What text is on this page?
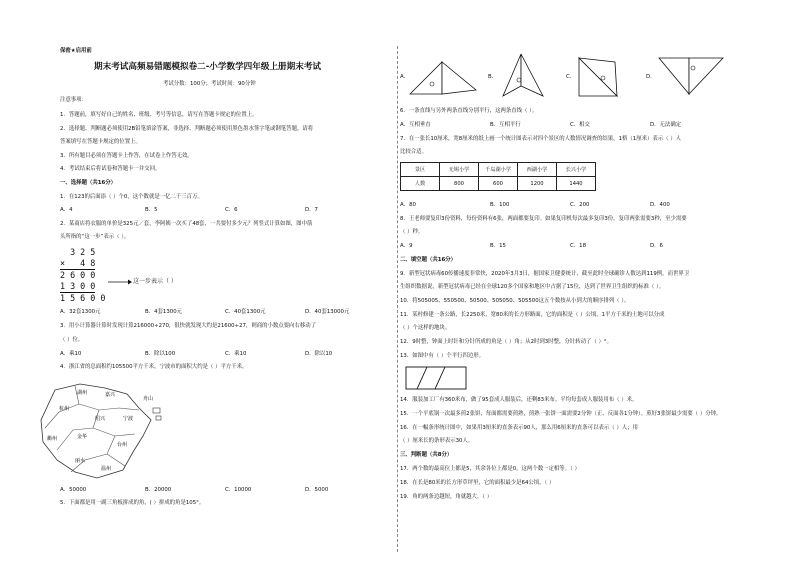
保密★启用前
期末考试高频易错题模拟卷二-小学数学四年级上册期末考试
考试分数：100分；考试时间：90分钟
注意事项：
1．答题前，填写好自己的姓名、班级、考号等信息，请写在答题卡规定的位置上。
2．选择题、判断题必须使用2B铅笔填涂答案，非选择、判断题必须使用黑色墨水签字笔或钢笔答题，请将
答案填写在答题卡规定的位置上。
3．所有题目必须在答题卡上作答，在试卷上作答无效。
4．考试结束后将试卷和答题卡一并交回。
一、选择题（共16分）
1．在123的后面添（ ）个0，这个数就是一亿二千三百万。
A．4	B．5	C．6	D．7
2．某商店将衣服的单价是325元／套，李阿姨一次买了48套，一共要付多少元？列竖式计算如图，图中箭
头所指的“这一步”表示（ ）。
3 2 5
×   4 8
2 6 0 0
1 3 0 0
1 5 6 0 0
这一步表示（ ）
A．32套1300元	B．4套1300元	C．40套1300元	D．40套13000元
3．用小计算器计算时发现计算216000÷270，很快就发现大约是21600÷27，则商的小数点要向右移动了
（ ）位。
A．乘10	B．除以100	C．乘10	D．除以10
4．浙江省的总面积约105500平方千米，宁波市的面积大约是（ ）平方千米。
湖州	嘉兴
杭州
绍兴	宁波
舟山
衢州	金华
台州
丽水
温州
A．50000	B．20000	C．10000	D．5000
5．下面都是用一副三角板拼成的角，( ）拼成的角是105°。
A．	B．	C．	D．
6．一条直线与另外两条直线分别平行，这两条直线（ ）。
A．互相垂直	B．互相平行	C．相交	D．无法确定
7．在一张长10厘米，宽8厘米的纸上画一个统计图表示对四个景区的人数情况调查的结果，1格（1厘米）表示（ ）人
比较合适。
景区	无锡小学	千岛湖小学	西湖小学	长兴小学
人数	800	600	1200	1440
A．80	B．100	C．200	D．400
8．王老师要复印3份资料，每份资料有6张，两面都要复印。如果复印机每次最多复印3份，复印两张需要3秒，至少需要
（ ）秒。
A．9	B．15	C．18	D．6
二、填空题（共16分）
9．新型冠状病毒60传播速度非常快，2020年3月3日，据国家卫健委统计，截至此时全球确诊人数达到119例，而世界卫
生组织数据说，新型冠状病毒已经在全球120多个国家和地区中占据了15位，达到了世界卫生组织的标准（ ）。
10．将505005、550500、50500、505050、505500这五个数按从小到大的顺序排列（ ）。
11．某村修建一条公路，长2250米，宽80米的长方形路面，它的面积是（ ）公顷，1平方千米的土地可以分成
（ ）个这样的地块。
12．9时整，钟面上时针和分针所成的角是（ ）角；从2时到3时整，分针转动了（ ）°。
13．如图中有（ ）个平行四边形。
14．服装加工厂有360米布，做了95套成人服装后，还剩83米布。平均每套成人服装用布（ ）米。
15．一个平底锅一次最多煎2张饼，每面都需要煎熟，煎熟一张饼一面需要2分钟（正、反面各1分钟）。煎好3张饼最少需要（ ）分钟。
16．在一幅条形统计图中，如果用3厘米的直条表示90人，那么用6厘米的直条可以表示（ ）人；用
（ ）厘米长的条形表示30人。
三、判断题（共8分）
17．两个数的最高位上都是5，其余各位上都是0，这两个数一定相等。（ ）
18．在长是80米的长方形草坪里，它的面积最少是64公顷。（ ）
19．角的两条边越短，角就越大。（ ）
